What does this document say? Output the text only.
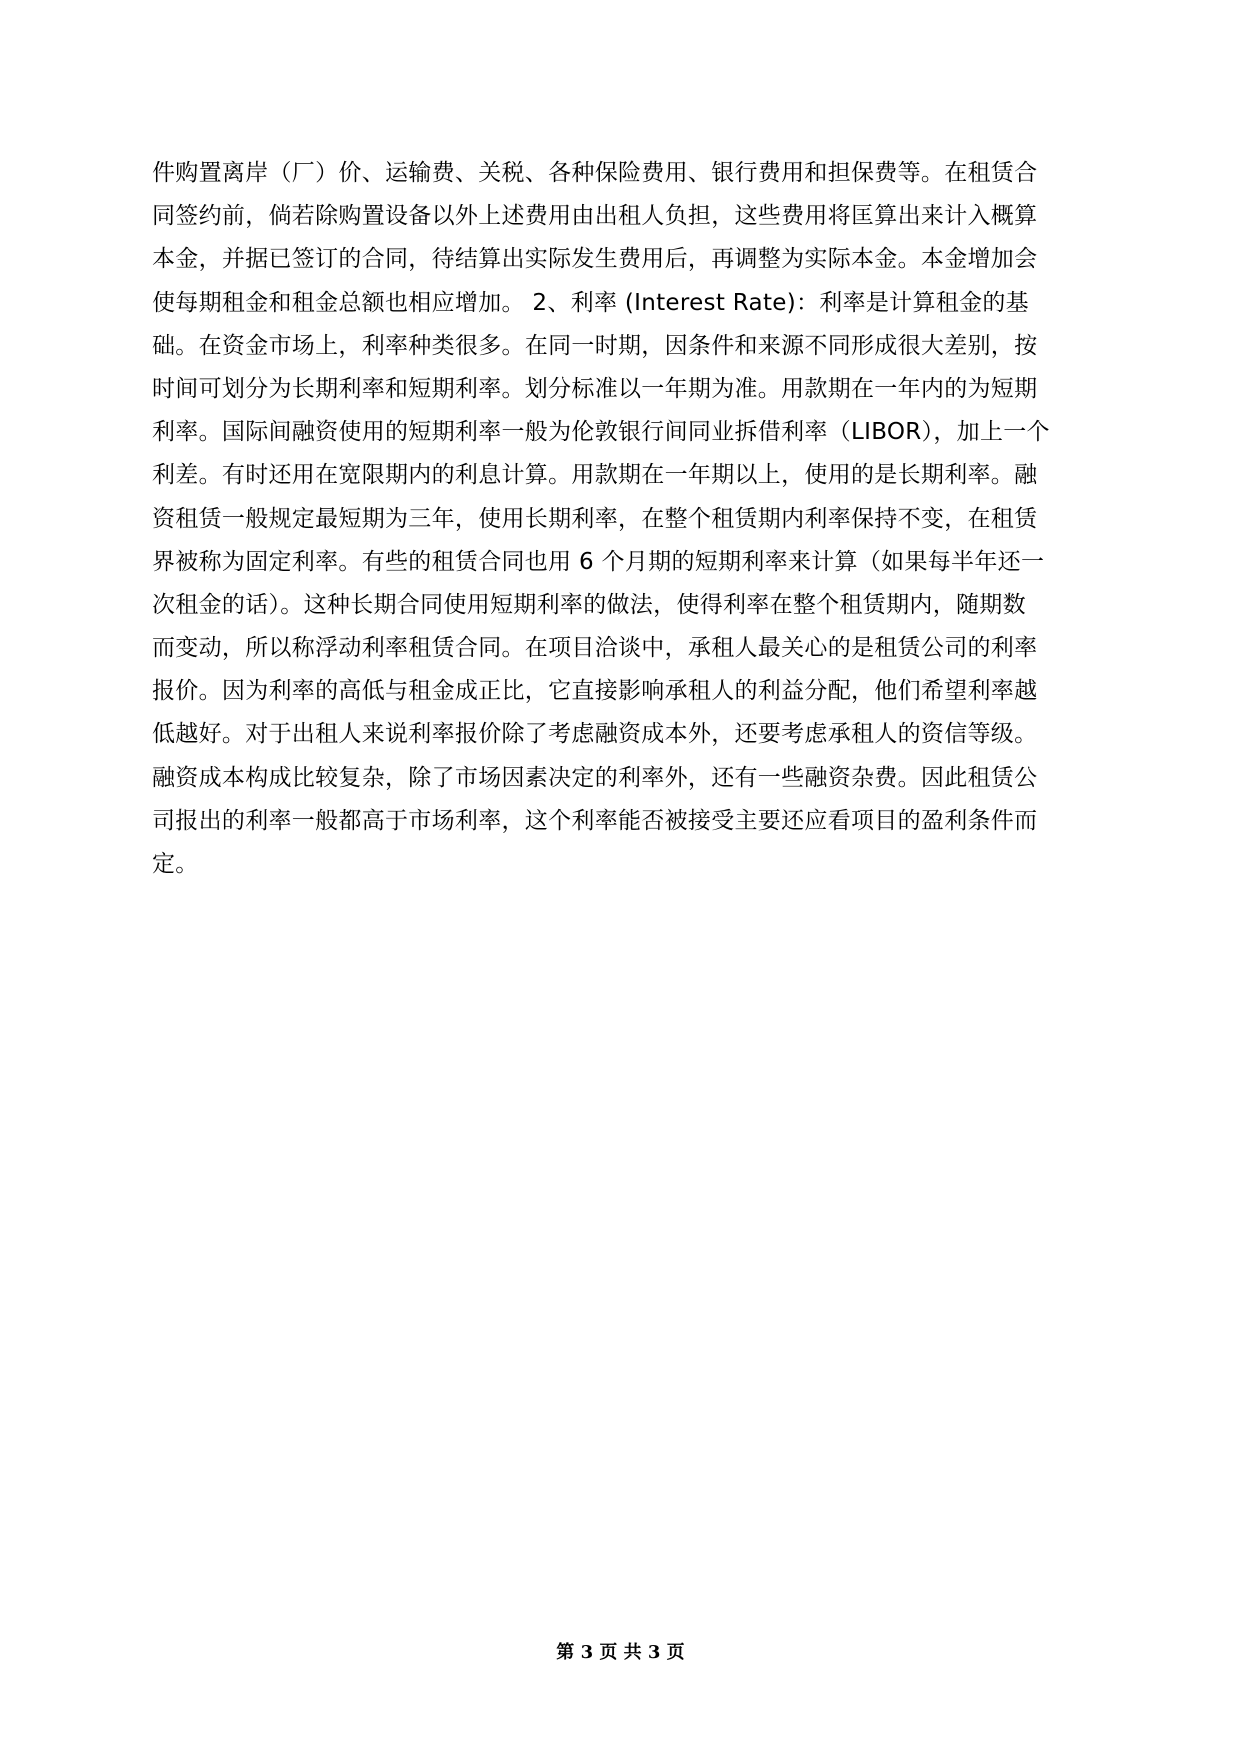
件购置离岸（厂）价、运输费、关税、各种保险费用、银行费用和担保费等。在租赁合
同签约前，倘若除购置设备以外上述费用由出租人负担，这些费用将匡算出来计入概算
本金，并据已签订的合同，待结算出实际发生费用后，再调整为实际本金。本金增加会
使每期租金和租金总额也相应增加。 2、利率 (Interest Rate)：利率是计算租金的基
础。在资金市场上，利率种类很多。在同一时期，因条件和来源不同形成很大差别，按
时间可划分为长期利率和短期利率。划分标准以一年期为准。用款期在一年内的为短期
利率。国际间融资使用的短期利率一般为伦敦银行间同业拆借利率（LIBOR），加上一个
利差。有时还用在宽限期内的利息计算。用款期在一年期以上，使用的是长期利率。融
资租赁一般规定最短期为三年，使用长期利率，在整个租赁期内利率保持不变，在租赁
界被称为固定利率。有些的租赁合同也用 6 个月期的短期利率来计算（如果每半年还一
次租金的话）。这种长期合同使用短期利率的做法，使得利率在整个租赁期内，随期数
而变动，所以称浮动利率租赁合同。在项目洽谈中，承租人最关心的是租赁公司的利率
报价。因为利率的高低与租金成正比，它直接影响承租人的利益分配，他们希望利率越
低越好。对于出租人来说利率报价除了考虑融资成本外，还要考虑承租人的资信等级。
融资成本构成比较复杂，除了市场因素决定的利率外，还有一些融资杂费。因此租赁公
司报出的利率一般都高于市场利率，这个利率能否被接受主要还应看项目的盈利条件而
定。
第 3 页 共 3 页
